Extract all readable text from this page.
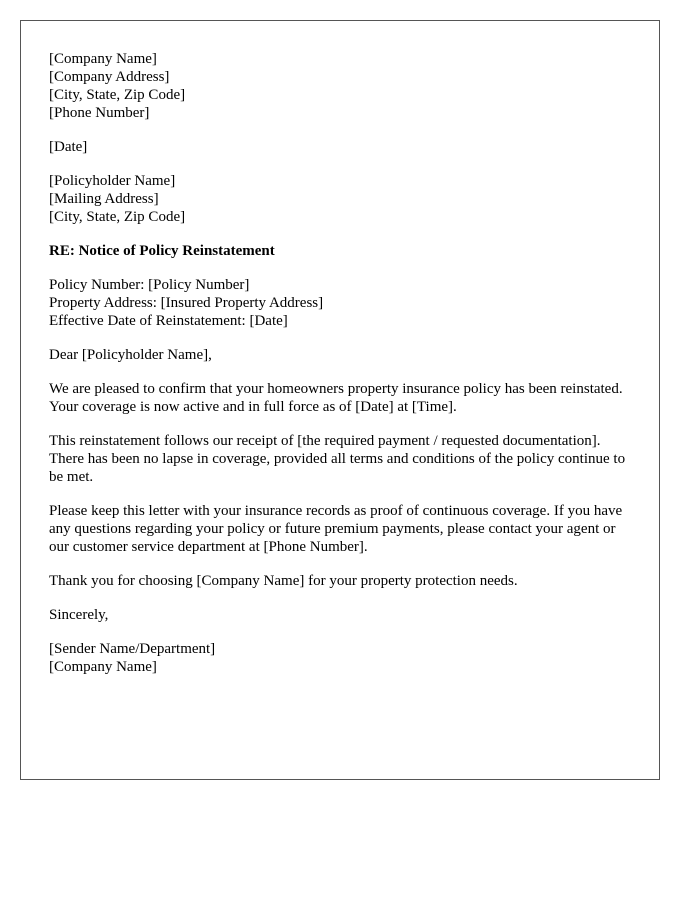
[Company Name]
[Company Address]
[City, State, Zip Code]
[Phone Number]
[Date]
[Policyholder Name]
[Mailing Address]
[City, State, Zip Code]
RE: Notice of Policy Reinstatement
Policy Number: [Policy Number]
Property Address: [Insured Property Address]
Effective Date of Reinstatement: [Date]

Dear [Policyholder Name],

We are pleased to confirm that your homeowners property insurance policy has been reinstated. Your coverage is now active and in full force as of [Date] at [Time].

This reinstatement follows our receipt of [the required payment / requested documentation]. There has been no lapse in coverage, provided all terms and conditions of the policy continue to be met.

Please keep this letter with your insurance records as proof of continuous coverage. If you have any questions regarding your policy or future premium payments, please contact your agent or our customer service department at [Phone Number].

Thank you for choosing [Company Name] for your property protection needs.

Sincerely,

[Sender Name/Department]
[Company Name]
